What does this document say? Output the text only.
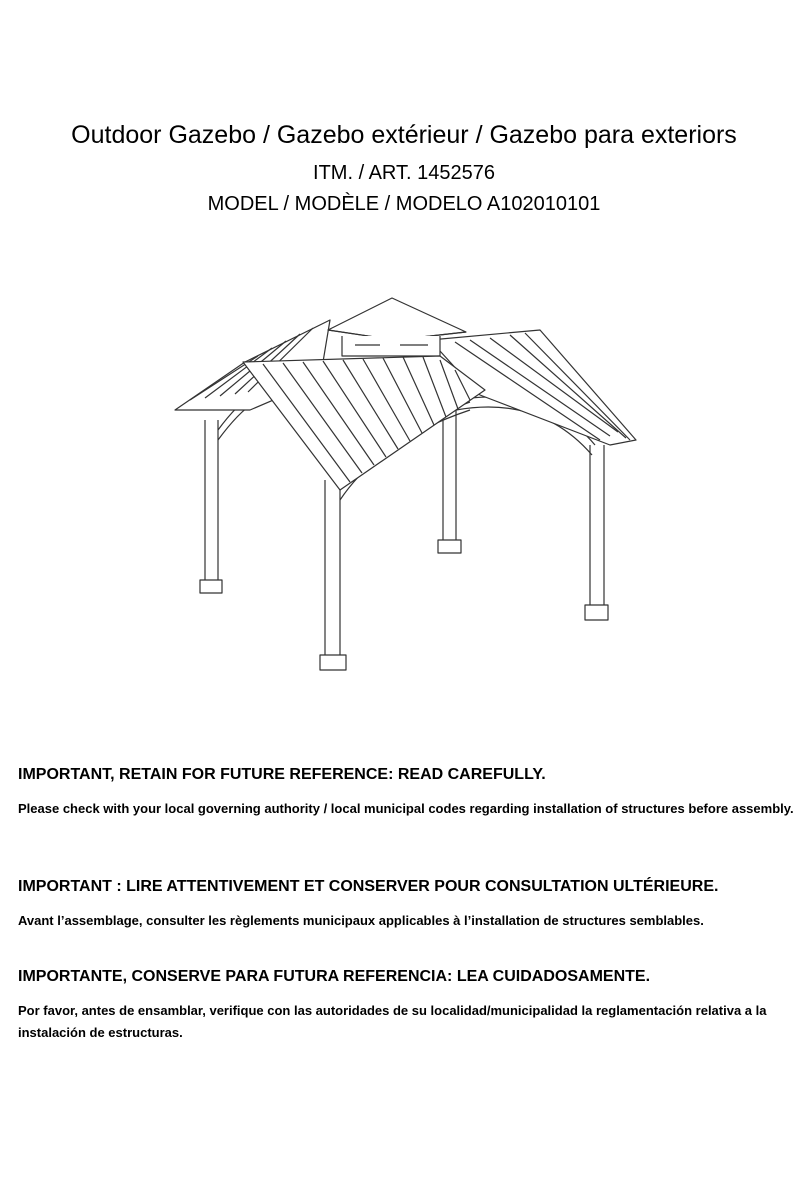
Outdoor Gazebo / Gazebo extérieur / Gazebo para exteriors
ITM. / ART. 1452576
MODEL / MODÈLE / MODELO A102010101
IMPORTANT, RETAIN FOR FUTURE REFERENCE: READ CAREFULLY.

Please check with your local governing authority / local municipal codes regarding installation of structures before assembly.

IMPORTANT : LIRE ATTENTIVEMENT ET CONSERVER POUR CONSULTATION ULTÉRIEURE.

Avant l’assemblage, consulter les règlements municipaux applicables à l’installation de structures semblables.

IMPORTANTE, CONSERVE PARA FUTURA REFERENCIA: LEA CUIDADOSAMENTE.

Por favor, antes de ensamblar, verifique con las autoridades de su localidad/municipalidad la reglamentación relativa a la instalación de estructuras.
